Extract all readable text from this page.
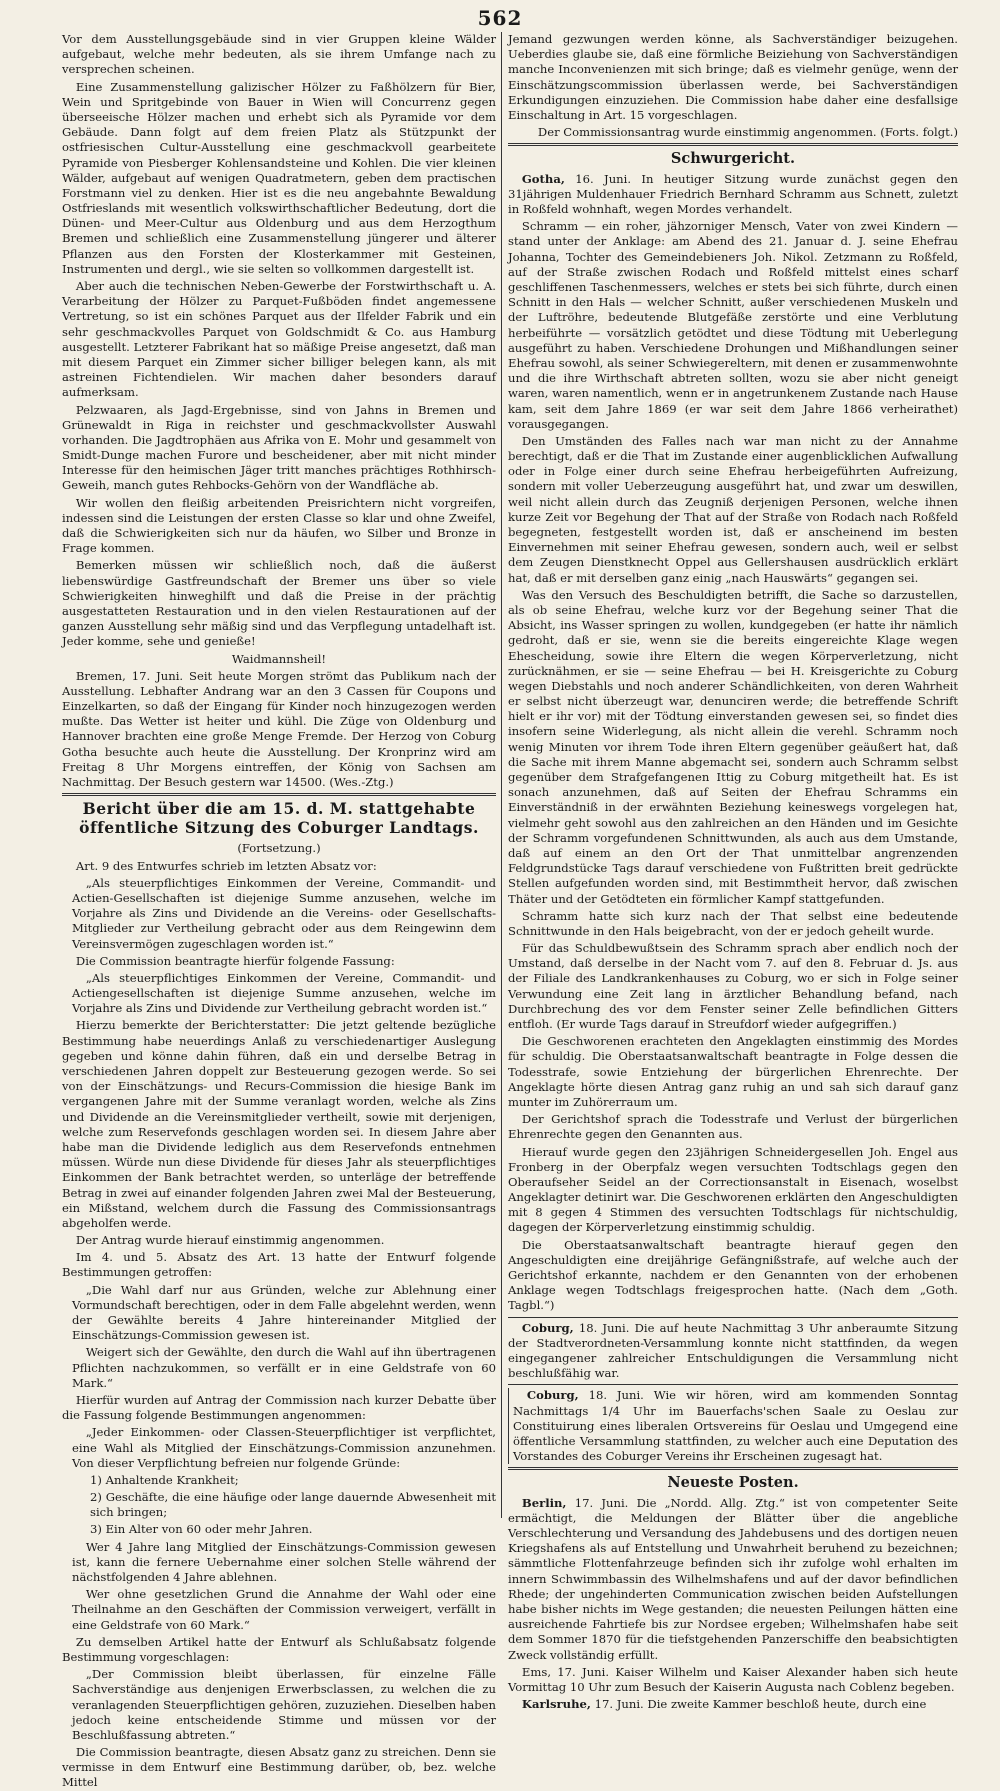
562

Vor dem Ausstellungsgebäude sind in vier Gruppen kleine Wälder aufgebaut, welche mehr bedeuten, als sie ihrem Umfange nach zu versprechen scheinen.

Eine Zusammenstellung galizischer Hölzer zu Faßhölzern für Bier, Wein und Spritgebinde von Bauer in Wien will Concurrenz gegen überseeische Hölzer machen und erhebt sich als Pyramide vor dem Gebäude. Dann folgt auf dem freien Platz als Stützpunkt der ostfriesischen Cultur-Ausstellung eine geschmackvoll gearbeitete Pyramide von Piesberger Kohlensandsteine und Kohlen. Die vier kleinen Wälder, aufgebaut auf wenigen Quadratmetern, geben dem practischen Forstmann viel zu denken. Hier ist es die neu angebahnte Bewaldung Ostfrieslands mit wesentlich volkswirthschaftlicher Bedeutung, dort die Dünen- und Meer-Cultur aus Oldenburg und aus dem Herzogthum Bremen und schließlich eine Zusammenstellung jüngerer und älterer Pflanzen aus den Forsten der Klosterkammer mit Gesteinen, Instrumenten und dergl., wie sie selten so vollkommen dargestellt ist.

Aber auch die technischen Neben-Gewerbe der Forstwirthschaft u. A. Verarbeitung der Hölzer zu Parquet-Fußböden findet angemessene Vertretung, so ist ein schönes Parquet aus der Ilfelder Fabrik und ein sehr geschmackvolles Parquet von Goldschmidt & Co. aus Hamburg ausgestellt. Letzterer Fabrikant hat so mäßige Preise angesetzt, daß man mit diesem Parquet ein Zimmer sicher billiger belegen kann, als mit astreinen Fichtendielen. Wir machen daher besonders darauf aufmerksam.

Pelzwaaren, als Jagd-Ergebnisse, sind von Jahns in Bremen und Grünewaldt in Riga in reichster und geschmackvollster Auswahl vorhanden. Die Jagdtrophäen aus Afrika von E. Mohr und gesammelt von Smidt-Dunge machen Furore und bescheidener, aber mit nicht minder Interesse für den heimischen Jäger tritt manches prächtiges Rothhirsch-Geweih, manch gutes Rehbocks-Gehörn von der Wandfläche ab.

Wir wollen den fleißig arbeitenden Preisrichtern nicht vorgreifen, indessen sind die Leistungen der ersten Classe so klar und ohne Zweifel, daß die Schwierigkeiten sich nur da häufen, wo Silber und Bronze in Frage kommen.

Bemerken müssen wir schließlich noch, daß die äußerst liebenswürdige Gastfreundschaft der Bremer uns über so viele Schwierigkeiten hinweghilft und daß die Preise in der prächtig ausgestatteten Restauration und in den vielen Restaurationen auf der ganzen Ausstellung sehr mäßig sind und das Verpflegung untadelhaft ist. Jeder komme, sehe und genieße!

Waidmannsheil!

Bremen, 17. Juni. Seit heute Morgen strömt das Publikum nach der Ausstellung. Lebhafter Andrang war an den 3 Cassen für Coupons und Einzelkarten, so daß der Eingang für Kinder noch hinzugezogen werden mußte. Das Wetter ist heiter und kühl. Die Züge von Oldenburg und Hannover brachten eine große Menge Fremde. Der Herzog von Coburg Gotha besuchte auch heute die Ausstellung. Der Kronprinz wird am Freitag 8 Uhr Morgens eintreffen, der König von Sachsen am Nachmittag. Der Besuch gestern war 14500. (Wes.-Ztg.)

Bericht über die am 15. d. M. stattgehabte öffentliche Sitzung des Coburger Landtags.

(Fortsetzung.)

Art. 9 des Entwurfes schrieb im letzten Absatz vor:

„Als steuerpflichtiges Einkommen der Vereine, Commandit- und Actien-Gesellschaften ist diejenige Summe anzusehen, welche im Vorjahre als Zins und Dividende an die Vereins- oder Gesellschafts-Mitglieder zur Vertheilung gebracht oder aus dem Reingewinn dem Vereinsvermögen zugeschlagen worden ist.“

Die Commission beantragte hierfür folgende Fassung:

„Als steuerpflichtiges Einkommen der Vereine, Commandit- und Actiengesellschaften ist diejenige Summe anzusehen, welche im Vorjahre als Zins und Dividende zur Vertheilung gebracht worden ist.“

Hierzu bemerkte der Berichterstatter: Die jetzt geltende bezügliche Bestimmung habe neuerdings Anlaß zu verschiedenartiger Auslegung gegeben und könne dahin führen, daß ein und derselbe Betrag in verschiedenen Jahren doppelt zur Besteuerung gezogen werde. So sei von der Einschätzungs- und Recurs-Commission die hiesige Bank im vergangenen Jahre mit der Summe veranlagt worden, welche als Zins und Dividende an die Vereinsmitglieder vertheilt, sowie mit derjenigen, welche zum Reservefonds geschlagen worden sei. In diesem Jahre aber habe man die Dividende lediglich aus dem Reservefonds entnehmen müssen. Würde nun diese Dividende für dieses Jahr als steuerpflichtiges Einkommen der Bank betrachtet werden, so unterläge der betreffende Betrag in zwei auf einander folgenden Jahren zwei Mal der Besteuerung, ein Mißstand, welchem durch die Fassung des Commissionsantrags abgeholfen werde.

Der Antrag wurde hierauf einstimmig angenommen.

Im 4. und 5. Absatz des Art. 13 hatte der Entwurf folgende Bestimmungen getroffen:

„Die Wahl darf nur aus Gründen, welche zur Ablehnung einer Vormundschaft berechtigen, oder in dem Falle abgelehnt werden, wenn der Gewählte bereits 4 Jahre hintereinander Mitglied der Einschätzungs-Commission gewesen ist.

Weigert sich der Gewählte, den durch die Wahl auf ihn übertragenen Pflichten nachzukommen, so verfällt er in eine Geldstrafe von 60 Mark.“

Hierfür wurden auf Antrag der Commission nach kurzer Debatte über die Fassung folgende Bestimmungen angenommen:

„Jeder Einkommen- oder Classen-Steuerpflichtiger ist verpflichtet, eine Wahl als Mitglied der Einschätzungs-Commission anzunehmen. Von dieser Verpflichtung befreien nur folgende Gründe:

1) Anhaltende Krankheit;

2) Geschäfte, die eine häufige oder lange dauernde Abwesenheit mit sich bringen;

3) Ein Alter von 60 oder mehr Jahren.

Wer 4 Jahre lang Mitglied der Einschätzungs-Commission gewesen ist, kann die fernere Uebernahme einer solchen Stelle während der nächstfolgenden 4 Jahre ablehnen.

Wer ohne gesetzlichen Grund die Annahme der Wahl oder eine Theilnahme an den Geschäften der Commission verweigert, verfällt in eine Geldstrafe von 60 Mark.“

Zu demselben Artikel hatte der Entwurf als Schlußabsatz folgende Bestimmung vorgeschlagen:

„Der Commission bleibt überlassen, für einzelne Fälle Sachverständige aus denjenigen Erwerbsclassen, zu welchen die zu veranlagenden Steuerpflichtigen gehören, zuzuziehen. Dieselben haben jedoch keine entscheidende Stimme und müssen vor der Beschlußfassung abtreten.“

Die Commission beantragte, diesen Absatz ganz zu streichen. Denn sie vermisse in dem Entwurf eine Bestimmung darüber, ob, bez. welche Mittel

Jemand gezwungen werden könne, als Sachverständiger beizugehen. Ueberdies glaube sie, daß eine förmliche Beiziehung von Sachverständigen manche Inconvenienzen mit sich bringe; daß es vielmehr genüge, wenn der Einschätzungscommission überlassen werde, bei Sachverständigen Erkundigungen einzuziehen. Die Commission habe daher eine desfallsige Einschaltung in Art. 15 vorgeschlagen.

Der Commissionsantrag wurde einstimmig angenommen. (Forts. folgt.)

Schwurgericht.

Gotha, 16. Juni. In heutiger Sitzung wurde zunächst gegen den 31jährigen Muldenhauer Friedrich Bernhard Schramm aus Schnett, zuletzt in Roßfeld wohnhaft, wegen Mordes verhandelt.

Schramm — ein roher, jähzorniger Mensch, Vater von zwei Kindern — stand unter der Anklage: am Abend des 21. Januar d. J. seine Ehefrau Johanna, Tochter des Gemeindebieners Joh. Nikol. Zetzmann zu Roßfeld, auf der Straße zwischen Rodach und Roßfeld mittelst eines scharf geschliffenen Taschenmessers, welches er stets bei sich führte, durch einen Schnitt in den Hals — welcher Schnitt, außer verschiedenen Muskeln und der Luftröhre, bedeutende Blutgefäße zerstörte und eine Verblutung herbeiführte — vorsätzlich getödtet und diese Tödtung mit Ueberlegung ausgeführt zu haben. Verschiedene Drohungen und Mißhandlungen seiner Ehefrau sowohl, als seiner Schwiegereltern, mit denen er zusammenwohnte und die ihre Wirthschaft abtreten sollten, wozu sie aber nicht geneigt waren, waren namentlich, wenn er in angetrunkenem Zustande nach Hause kam, seit dem Jahre 1869 (er war seit dem Jahre 1866 verheirathet) vorausgegangen.

Den Umständen des Falles nach war man nicht zu der Annahme berechtigt, daß er die That im Zustande einer augenblicklichen Aufwallung oder in Folge einer durch seine Ehefrau herbeigeführten Aufreizung, sondern mit voller Ueberzeugung ausgeführt hat, und zwar um deswillen, weil nicht allein durch das Zeugniß derjenigen Personen, welche ihnen kurze Zeit vor Begehung der That auf der Straße von Rodach nach Roßfeld begegneten, festgestellt worden ist, daß er anscheinend im besten Einvernehmen mit seiner Ehefrau gewesen, sondern auch, weil er selbst dem Zeugen Dienstknecht Oppel aus Gellershausen ausdrücklich erklärt hat, daß er mit derselben ganz einig „nach Hauswärts“ gegangen sei.

Was den Versuch des Beschuldigten betrifft, die Sache so darzustellen, als ob seine Ehefrau, welche kurz vor der Begehung seiner That die Absicht, ins Wasser springen zu wollen, kundgegeben (er hatte ihr nämlich gedroht, daß er sie, wenn sie die bereits eingereichte Klage wegen Ehescheidung, sowie ihre Eltern die wegen Körperverletzung, nicht zurücknähmen, er sie — seine Ehefrau — bei H. Kreisgerichte zu Coburg wegen Diebstahls und noch anderer Schändlichkeiten, von deren Wahrheit er selbst nicht überzeugt war, denunciren werde; die betreffende Schrift hielt er ihr vor) mit der Tödtung einverstanden gewesen sei, so findet dies insofern seine Widerlegung, als nicht allein die verehl. Schramm noch wenig Minuten vor ihrem Tode ihren Eltern gegenüber geäußert hat, daß die Sache mit ihrem Manne abgemacht sei, sondern auch Schramm selbst gegenüber dem Strafgefangenen Ittig zu Coburg mitgetheilt hat. Es ist sonach anzunehmen, daß auf Seiten der Ehefrau Schramms ein Einverständniß in der erwähnten Beziehung keineswegs vorgelegen hat, vielmehr geht sowohl aus den zahlreichen an den Händen und im Gesichte der Schramm vorgefundenen Schnittwunden, als auch aus dem Umstande, daß auf einem an den Ort der That unmittelbar angrenzenden Feldgrundstücke Tags darauf verschiedene von Fußtritten breit gedrückte Stellen aufgefunden worden sind, mit Bestimmtheit hervor, daß zwischen Thäter und der Getödteten ein förmlicher Kampf stattgefunden.

Schramm hatte sich kurz nach der That selbst eine bedeutende Schnittwunde in den Hals beigebracht, von der er jedoch geheilt wurde.

Für das Schuldbewußtsein des Schramm sprach aber endlich noch der Umstand, daß derselbe in der Nacht vom 7. auf den 8. Februar d. Js. aus der Filiale des Landkrankenhauses zu Coburg, wo er sich in Folge seiner Verwundung eine Zeit lang in ärztlicher Behandlung befand, nach Durchbrechung des vor dem Fenster seiner Zelle befindlichen Gitters entfloh. (Er wurde Tags darauf in Streufdorf wieder aufgegriffen.)

Die Geschworenen erachteten den Angeklagten einstimmig des Mordes für schuldig. Die Oberstaatsanwaltschaft beantragte in Folge dessen die Todesstrafe, sowie Entziehung der bürgerlichen Ehrenrechte. Der Angeklagte hörte diesen Antrag ganz ruhig an und sah sich darauf ganz munter im Zuhörerraum um.

Der Gerichtshof sprach die Todesstrafe und Verlust der bürgerlichen Ehrenrechte gegen den Genannten aus.

Hierauf wurde gegen den 23jährigen Schneidergesellen Joh. Engel aus Fronberg in der Oberpfalz wegen versuchten Todtschlags gegen den Oberaufseher Seidel an der Correctionsanstalt in Eisenach, woselbst Angeklagter detinirt war. Die Geschworenen erklärten den Angeschuldigten mit 8 gegen 4 Stimmen des versuchten Todtschlags für nichtschuldig, dagegen der Körperverletzung einstimmig schuldig.

Die Oberstaatsanwaltschaft beantragte hierauf gegen den Angeschuldigten eine dreijährige Gefängnißstrafe, auf welche auch der Gerichtshof erkannte, nachdem er den Genannten von der erhobenen Anklage wegen Todtschlags freigesprochen hatte. (Nach dem „Goth. Tagbl.“)

Coburg, 18. Juni. Die auf heute Nachmittag 3 Uhr anberaumte Sitzung der Stadtverordneten-Versammlung konnte nicht stattfinden, da wegen eingegangener zahlreicher Entschuldigungen die Versammlung nicht beschlußfähig war.

Coburg, 18. Juni. Wie wir hören, wird am kommenden Sonntag Nachmittags 1/4 Uhr im Bauerfachs'schen Saale zu Oeslau zur Constituirung eines liberalen Ortsvereins für Oeslau und Umgegend eine öffentliche Versammlung stattfinden, zu welcher auch eine Deputation des Vorstandes des Coburger Vereins ihr Erscheinen zugesagt hat.

Neueste Posten.

Berlin, 17. Juni. Die „Nordd. Allg. Ztg.“ ist von competenter Seite ermächtigt, die Meldungen der Blätter über die angebliche Verschlechterung und Versandung des Jahdebusens und des dortigen neuen Kriegshafens als auf Entstellung und Unwahrheit beruhend zu bezeichnen; sämmtliche Flottenfahrzeuge befinden sich ihr zufolge wohl erhalten im innern Schwimmbassin des Wilhelmshafens und auf der davor befindlichen Rhede; der ungehinderten Communication zwischen beiden Aufstellungen habe bisher nichts im Wege gestanden; die neuesten Peilungen hätten eine ausreichende Fahrtiefe bis zur Nordsee ergeben; Wilhelmshafen habe seit dem Sommer 1870 für die tiefstgehenden Panzerschiffe den beabsichtigten Zweck vollständig erfüllt.

Ems, 17. Juni. Kaiser Wilhelm und Kaiser Alexander haben sich heute Vormittag 10 Uhr zum Besuch der Kaiserin Augusta nach Coblenz begeben.

Karlsruhe, 17. Juni. Die zweite Kammer beschloß heute, durch eine
